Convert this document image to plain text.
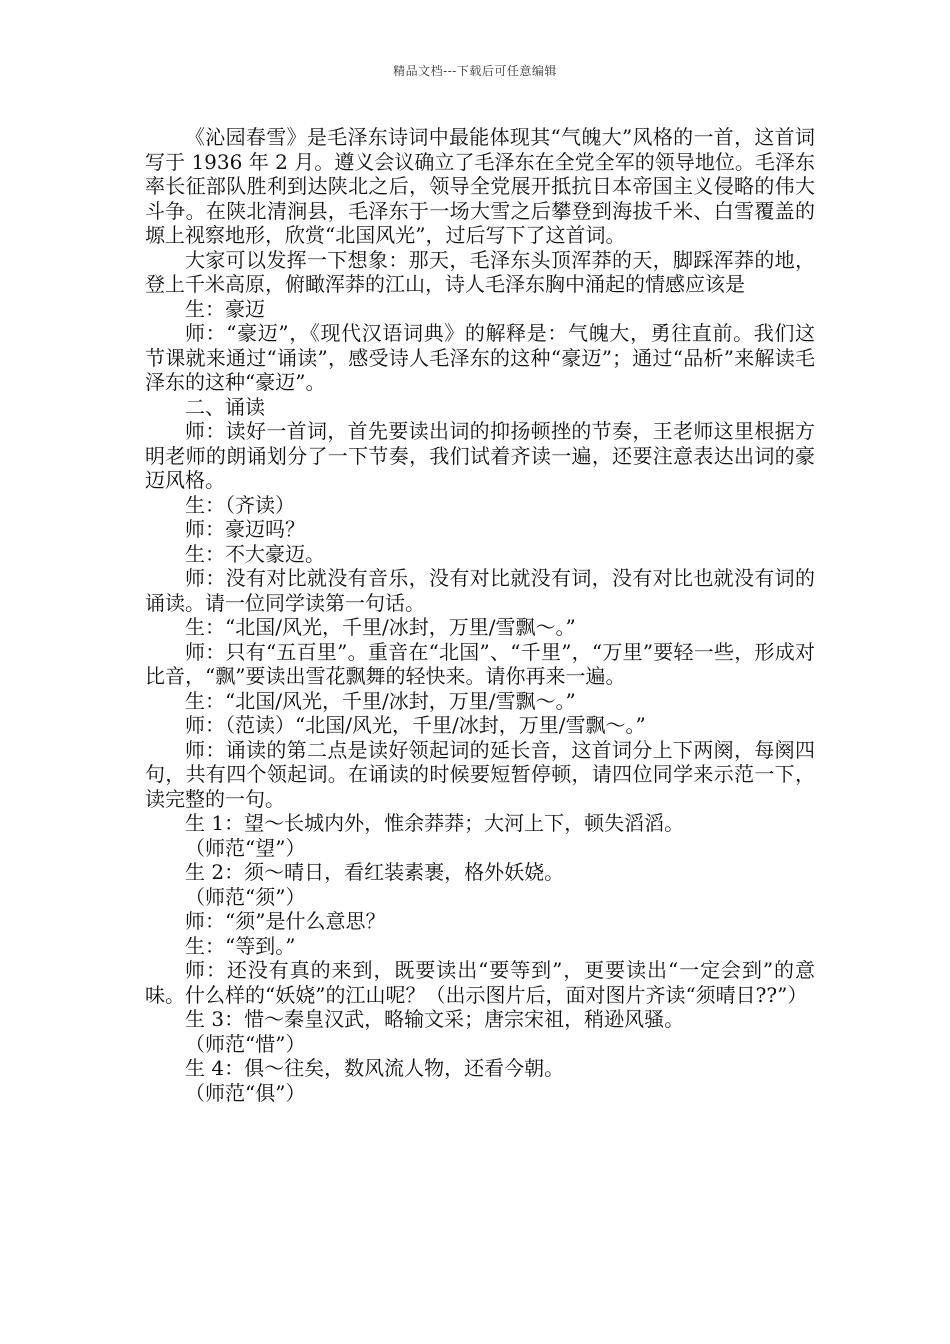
精品文档---下载后可任意编辑

《沁园春雪》是毛泽东诗词中最能体现其“气魄大”风格的一首，这首词写于 1936 年 2 月。遵义会议确立了毛泽东在全党全军的领导地位。毛泽东率长征部队胜利到达陕北之后，领导全党展开抵抗日本帝国主义侵略的伟大斗争。在陕北清涧县，毛泽东于一场大雪之后攀登到海拔千米、白雪覆盖的塬上视察地形，欣赏“北国风光”，过后写下了这首词。

大家可以发挥一下想象：那天，毛泽东头顶浑莽的天，脚踩浑莽的地，登上千米高原，俯瞰浑莽的江山，诗人毛泽东胸中涌起的情感应该是

生：豪迈

师：“豪迈”，《现代汉语词典》的解释是：气魄大，勇往直前。我们这节课就来通过“诵读”，感受诗人毛泽东的这种“豪迈”；通过“品析”来解读毛泽东的这种“豪迈”。

二、诵读

师：读好一首词，首先要读出词的抑扬顿挫的节奏，王老师这里根据方明老师的朗诵划分了一下节奏，我们试着齐读一遍，还要注意表达出词的豪迈风格。

生：（齐读）

师：豪迈吗？

生：不大豪迈。

师：没有对比就没有音乐，没有对比就没有词，没有对比也就没有词的诵读。请一位同学读第一句话。

生：“北国/风光，千里/冰封，万里/雪飘～。”

师：只有“五百里”。重音在“北国”、“千里”，“万里”要轻一些，形成对比音，“飘”要读出雪花飘舞的轻快来。请你再来一遍。

生：“北国/风光，千里/冰封，万里/雪飘～。”

师：（范读）“北国/风光，千里/冰封，万里/雪飘～。”

师：诵读的第二点是读好领起词的延长音，这首词分上下两阕，每阕四句，共有四个领起词。在诵读的时候要短暂停顿，请四位同学来示范一下，读完整的一句。

生 1：望～长城内外，惟余莽莽；大河上下，顿失滔滔。

（师范“望”）

生 2：须～晴日，看红装素裹，格外妖娆。

（师范“须”）

师：“须”是什么意思？

生：“等到。”

师：还没有真的来到，既要读出“要等到”，更要读出“一定会到”的意味。什么样的“妖娆”的江山呢？（出示图片后，面对图片齐读“须晴日??”）

生 3：惜～秦皇汉武，略输文采；唐宗宋祖，稍逊风骚。

（师范“惜”）

生 4：俱～往矣，数风流人物，还看今朝。

（师范“俱”）
